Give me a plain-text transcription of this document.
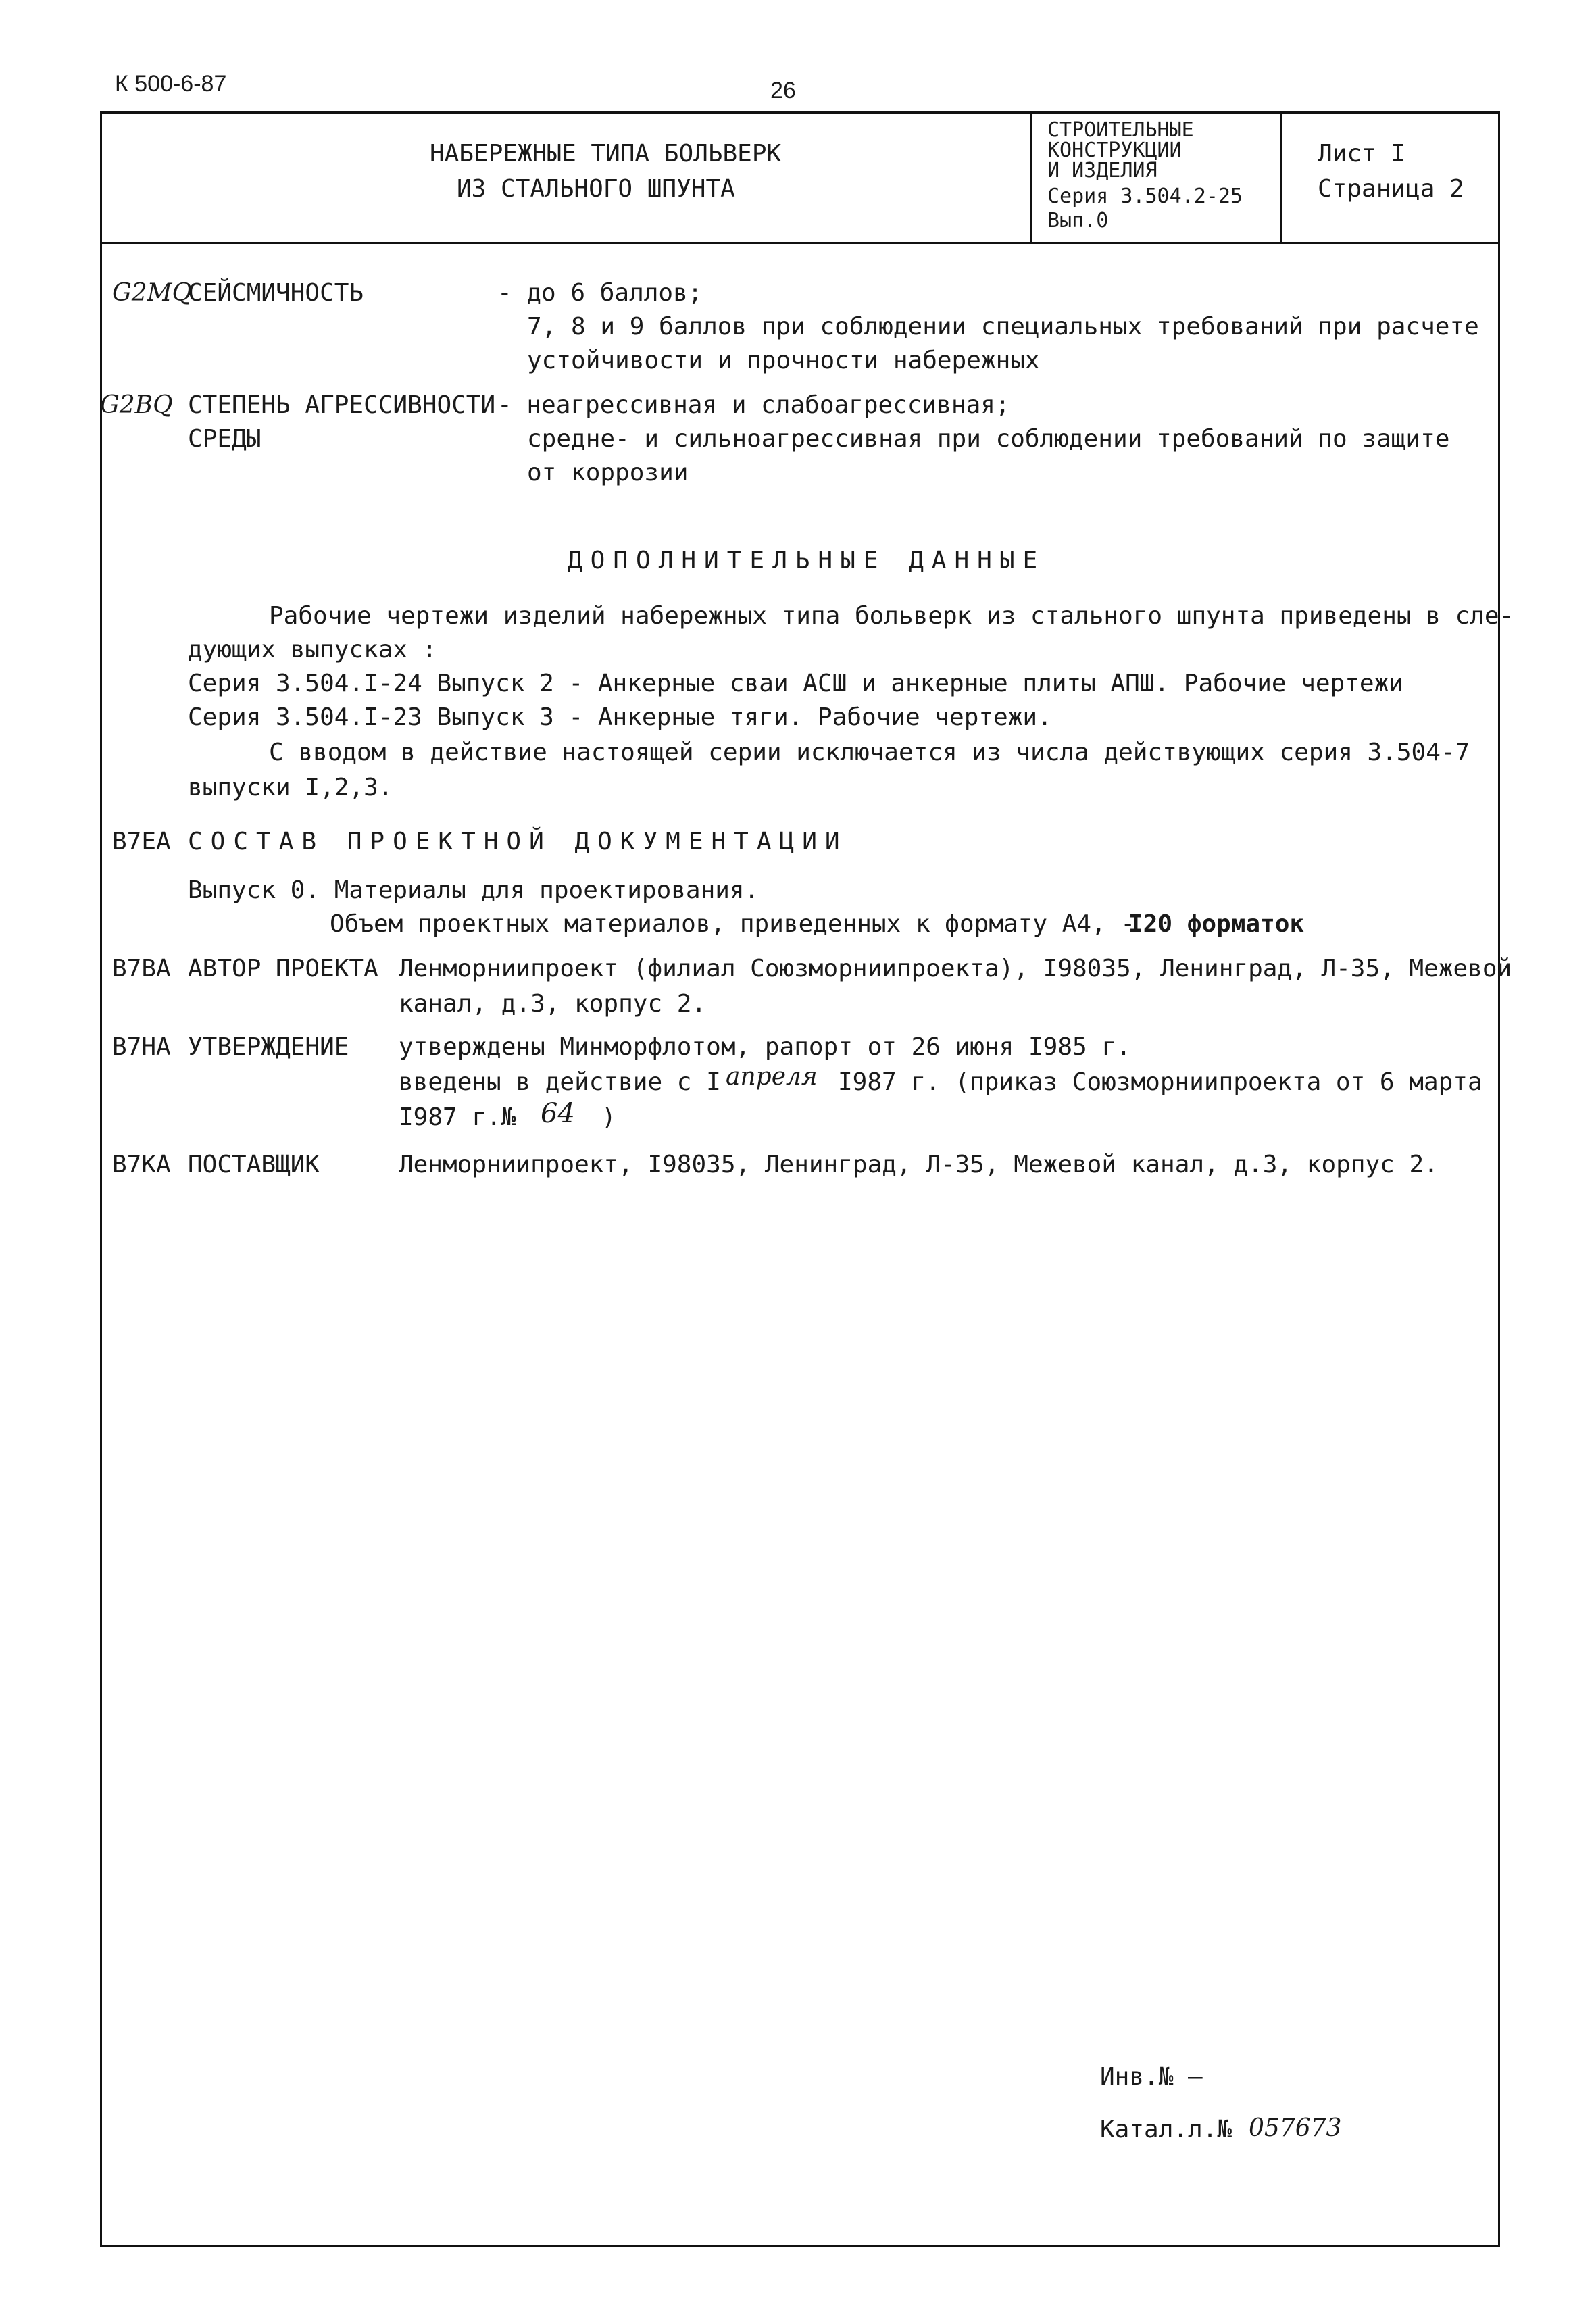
К 500-6-87	26
НАБЕРЕЖНЫЕ ТИПА БОЛЬВЕРК
ИЗ СТАЛЬНОГО ШПУНТА
СТРОИТЕЛЬНЫЕ
КОНСТРУКЦИИ
И ИЗДЕЛИЯ
Серия 3.504.2-25
Вып.0
Лист I
Страница 2
G2MQ
СЕЙСМИЧНОСТЬ	- до 6 баллов;
7, 8 и 9 баллов при соблюдении специальных требований при расчете
устойчивости и прочности набережных
G2BQ СТЕПЕНЬ АГРЕССИВНОСТИ
СРЕДЫ
- неагрессивная и слабоагрессивная;
средне- и сильноагрессивная при соблюдении требований по защите
от коррозии
ДОПОЛНИТЕЛЬНЫЕ ДАННЫЕ
Рабочие чертежи изделий набережных типа больверк из стального шпунта приведены в сле-
дующих выпусках :
Серия 3.504.I-24 Выпуск 2 - Анкерные сваи АСШ и анкерные плиты АПШ. Рабочие чертежи
Серия 3.504.I-23 Выпуск 3 - Анкерные тяги. Рабочие чертежи.
С вводом в действие настоящей серии исключается из числа действующих серия 3.504-7
выпуски I,2,3.
В7ЕА СОСТАВ ПРОЕКТНОЙ ДОКУМЕНТАЦИИ
Выпуск 0. Материалы для проектирования.
Объем проектных материалов, приведенных к формату А4, -
I20 форматок
В7ВА АВТОР ПРОЕКТА Ленморниипроект (филиал Союзморниипроекта), I98035, Ленинград, Л-35, Межевой
канал, д.3, корпус 2.
В7НА УТВЕРЖДЕНИЕ утверждены Минморфлотом, рапорт от 26 июня I985 г.
введены в действие с I апреля I987 г. (приказ Союзморниипроекта от 6 марта
I987 г.№ 64 )
В7КА ПОСТАВЩИК	Ленморниипроект, I98035, Ленинград, Л-35, Межевой канал, д.3, корпус 2.
Инв.№ —
Катал.л.№ 057673
